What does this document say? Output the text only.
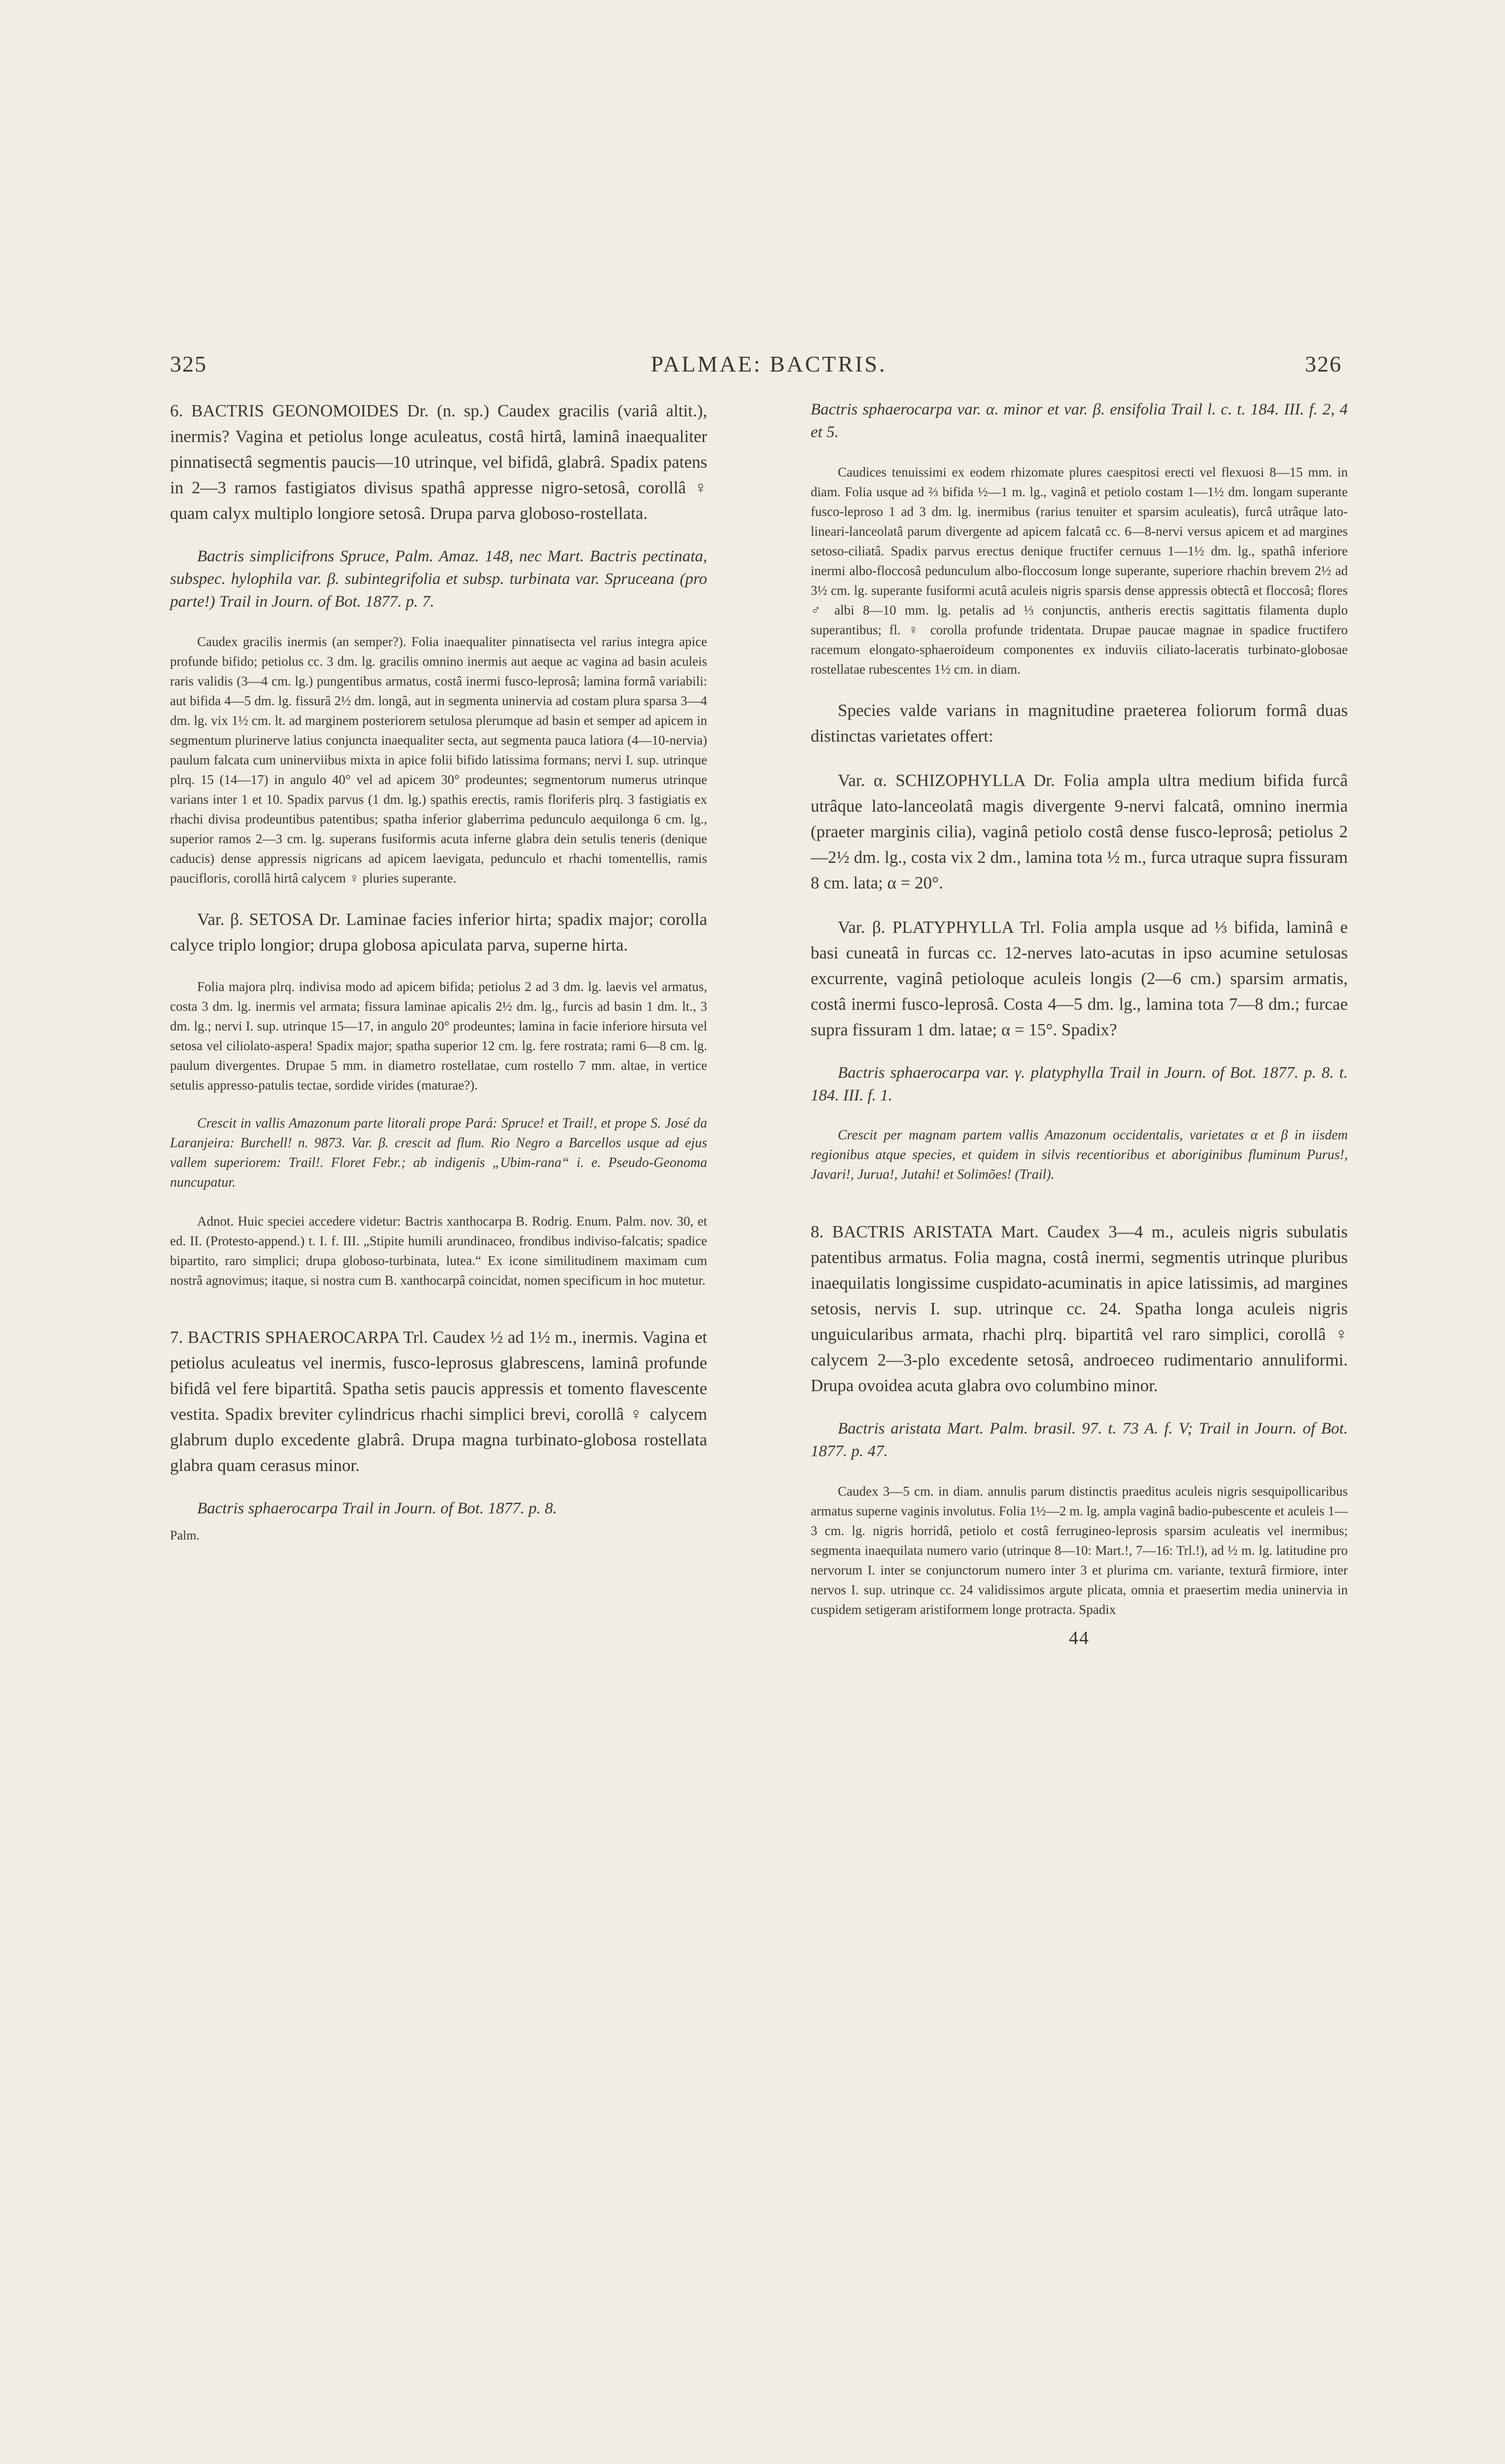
325	PALMAE: BACTRIS.	326

6. BACTRIS GEONOMOIDES Dr. (n. sp.) Caudex gracilis (variâ altit.), inermis? Vagina et petiolus longe aculeatus, costâ hirtâ, laminâ inaequaliter pinnatisectâ segmentis paucis—10 utrinque, vel bifidâ, glabrâ. Spadix patens in 2—3 ramos fastigiatos divisus spathâ appresse nigro-setosâ, corollâ ♀ quam calyx multiplo longiore setosâ. Drupa parva globoso-rostellata.

Bactris simplicifrons Spruce, Palm. Amaz. 148, nec Mart. Bactris pectinata, subspec. hylophila var. β. subintegrifolia et subsp. turbinata var. Spruceana (pro parte!) Trail in Journ. of Bot. 1877. p. 7.

Caudex gracilis inermis (an semper?). Folia inaequaliter pinnatisecta vel rarius integra apice profunde bifido; petiolus cc. 3 dm. lg. gracilis omnino inermis aut aeque ac vagina ad basin aculeis raris validis (3—4 cm. lg.) pungentibus armatus, costâ inermi fusco-leprosâ; lamina formâ variabili: aut bifida 4—5 dm. lg. fissurâ 2½ dm. longâ, aut in segmenta uninervia ad costam plura sparsa 3—4 dm. lg. vix 1½ cm. lt. ad marginem posteriorem setulosa plerumque ad basin et semper ad apicem in segmentum plurinerve latius conjuncta inaequaliter secta, aut segmenta pauca latiora (4—10-nervia) paulum falcata cum uninerviibus mixta in apice folii bifido latissima formans; nervi I. sup. utrinque plrq. 15 (14—17) in angulo 40° vel ad apicem 30° prodeuntes; segmentorum numerus utrinque varians inter 1 et 10. Spadix parvus (1 dm. lg.) spathis erectis, ramis floriferis plrq. 3 fastigiatis ex rhachi divisa prodeuntibus patentibus; spatha inferior glaberrima pedunculo aequilonga 6 cm. lg., superior ramos 2—3 cm. lg. superans fusiformis acuta inferne glabra dein setulis teneris (denique caducis) dense appressis nigricans ad apicem laevigata, pedunculo et rhachi tomentellis, ramis paucifloris, corollâ hirtâ calycem ♀ pluries superante.

Var. β. SETOSA Dr. Laminae facies inferior hirta; spadix major; corolla calyce triplo longior; drupa globosa apiculata parva, superne hirta.

Folia majora plrq. indivisa modo ad apicem bifida; petiolus 2 ad 3 dm. lg. laevis vel armatus, costa 3 dm. lg. inermis vel armata; fissura laminae apicalis 2½ dm. lg., furcis ad basin 1 dm. lt., 3 dm. lg.; nervi I. sup. utrinque 15—17, in angulo 20° prodeuntes; lamina in facie inferiore hirsuta vel setosa vel ciliolato-aspera! Spadix major; spatha superior 12 cm. lg. fere rostrata; rami 6—8 cm. lg. paulum divergentes. Drupae 5 mm. in diametro rostellatae, cum rostello 7 mm. altae, in vertice setulis appresso-patulis tectae, sordide virides (maturae?).

Crescit in vallis Amazonum parte litorali prope Pará: Spruce! et Trail!, et prope S. José da Laranjeira: Burchell! n. 9873. Var. β. crescit ad flum. Rio Negro a Barcellos usque ad ejus vallem superiorem: Trail!. Floret Febr.; ab indigenis „Ubim-rana“ i. e. Pseudo-Geonoma nuncupatur.

Adnot. Huic speciei accedere videtur: Bactris xanthocarpa B. Rodrig. Enum. Palm. nov. 30, et ed. II. (Protesto-append.) t. I. f. III. „Stipite humili arundinaceo, frondibus indiviso-falcatis; spadice bipartito, raro simplici; drupa globoso-turbinata, lutea.“ Ex icone similitudinem maximam cum nostrâ agnovimus; itaque, si nostra cum B. xanthocarpâ coincidat, nomen specificum in hoc mutetur.

7. BACTRIS SPHAEROCARPA Trl. Caudex ½ ad 1½ m., inermis. Vagina et petiolus aculeatus vel inermis, fusco-leprosus glabrescens, laminâ profunde bifidâ vel fere bipartitâ. Spatha setis paucis appressis et tomento flavescente vestita. Spadix breviter cylindricus rhachi simplici brevi, corollâ ♀ calycem glabrum duplo excedente glabrâ. Drupa magna turbinato-globosa rostellata glabra quam cerasus minor.

Bactris sphaerocarpa Trail in Journ. of Bot. 1877. p. 8.

Palm.

Bactris sphaerocarpa var. α. minor et var. β. ensifolia Trail l. c. t. 184. III. f. 2, 4 et 5.

Caudices tenuissimi ex eodem rhizomate plures caespitosi erecti vel flexuosi 8—15 mm. in diam. Folia usque ad ⅔ bifida ½—1 m. lg., vaginâ et petiolo costam 1—1½ dm. longam superante fusco-leproso 1 ad 3 dm. lg. inermibus (rarius tenuiter et sparsim aculeatis), furcâ utrâque lato-lineari-lanceolatâ parum divergente ad apicem falcatâ cc. 6—8-nervi versus apicem et ad margines setoso-ciliatâ. Spadix parvus erectus denique fructifer cernuus 1—1½ dm. lg., spathâ inferiore inermi albo-floccosâ pedunculum albo-floccosum longe superante, superiore rhachin brevem 2½ ad 3½ cm. lg. superante fusiformi acutâ aculeis nigris sparsis dense appressis obtectâ et floccosâ; flores ♂ albi 8—10 mm. lg. petalis ad ⅓ conjunctis, antheris erectis sagittatis filamenta duplo superantibus; fl. ♀ corolla profunde tridentata. Drupae paucae magnae in spadice fructifero racemum elongato-sphaeroideum componentes ex induviis ciliato-laceratis turbinato-globosae rostellatae rubescentes 1½ cm. in diam.

Species valde varians in magnitudine praeterea foliorum formâ duas distinctas varietates offert:

Var. α. SCHIZOPHYLLA Dr. Folia ampla ultra medium bifida furcâ utrâque lato-lanceolatâ magis divergente 9-nervi falcatâ, omnino inermia (praeter marginis cilia), vaginâ petiolo costâ dense fusco-leprosâ; petiolus 2—2½ dm. lg., costa vix 2 dm., lamina tota ½ m., furca utraque supra fissuram 8 cm. lata; α = 20°.

Var. β. PLATYPHYLLA Trl. Folia ampla usque ad ⅓ bifida, laminâ e basi cuneatâ in furcas cc. 12-nerves lato-acutas in ipso acumine setulosas excurrente, vaginâ petioloque aculeis longis (2—6 cm.) sparsim armatis, costâ inermi fusco-leprosâ. Costa 4—5 dm. lg., lamina tota 7—8 dm.; furcae supra fissuram 1 dm. latae; α = 15°. Spadix?

Bactris sphaerocarpa var. γ. platyphylla Trail in Journ. of Bot. 1877. p. 8. t. 184. III. f. 1.

Crescit per magnam partem vallis Amazonum occidentalis, varietates α et β in iisdem regionibus atque species, et quidem in silvis recentioribus et aboriginibus fluminum Purus!, Javari!, Jurua!, Jutahi! et Solimões! (Trail).

8. BACTRIS ARISTATA Mart. Caudex 3—4 m., aculeis nigris subulatis patentibus armatus. Folia magna, costâ inermi, segmentis utrinque pluribus inaequilatis longissime cuspidato-acuminatis in apice latissimis, ad margines setosis, nervis I. sup. utrinque cc. 24. Spatha longa aculeis nigris unguicularibus armata, rhachi plrq. bipartitâ vel raro simplici, corollâ ♀ calycem 2—3-plo excedente setosâ, androeceo rudimentario annuliformi. Drupa ovoidea acuta glabra ovo columbino minor.

Bactris aristata Mart. Palm. brasil. 97. t. 73 A. f. V; Trail in Journ. of Bot. 1877. p. 47.

Caudex 3—5 cm. in diam. annulis parum distinctis praeditus aculeis nigris sesquipollicaribus armatus superne vaginis involutus. Folia 1½—2 m. lg. ampla vaginâ badio-pubescente et aculeis 1—3 cm. lg. nigris horridâ, petiolo et costâ ferrugineo-leprosis sparsim aculeatis vel inermibus; segmenta inaequilata numero vario (utrinque 8—10: Mart.!, 7—16: Trl.!), ad ½ m. lg. latitudine pro nervorum I. inter se conjunctorum numero inter 3 et plurima cm. variante, texturâ firmiore, inter nervos I. sup. utrinque cc. 24 validissimos argute plicata, omnia et praesertim media uninervia in cuspidem setigeram aristiformem longe protracta. Spadix

44
